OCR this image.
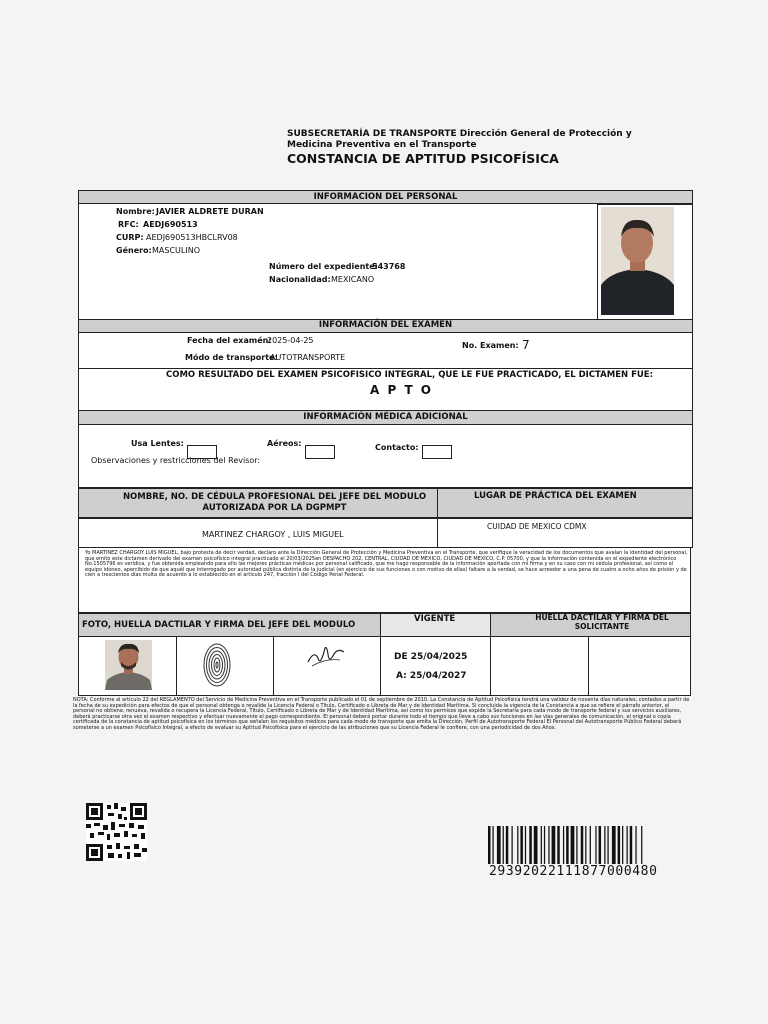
SUBSECRETARÍA DE TRANSPORTE Dirección General de Protección y Medicina Preventiva en el Transporte
CONSTANCIA DE APTITUD PSICOFÍSICA
INFORMACION DEL PERSONAL
Nombre: JAVIER ALDRETE DURAN
RFC: AEDJ690513
CURP: AEDJ690513HBCLRV08
Género: MASCULINO
Número del expediente:
543768
Nacionalidad: MEXICANO
INFORMACIÓN DEL EXAMEN
Fecha del examén:
2025-04-25
Módo de transporte:
AUTOTRANSPORTE
No. Examen: 7
COMO RESULTADO DEL EXAMEN PSICOFISICO INTEGRAL, QUE LE FUE PRACTICADO, EL DICTAMEN FUE:
A P T O
INFORMACIÓN MÉDICA ADICIONAL
Usa Lentes:	Aéreos:	Contacto:
Observaciones y restricciones del Revisor:
NOMBRE, NO. DE CÉDULA PROFESIONAL DEL JEFE DEL MODULO AUTORIZADA POR LA DGPMPT
LUGAR DE PRÁCTICA DEL EXAMEN
MARTINEZ CHARGOY , LUIS MIGUEL
CUIDAD DE MEXICO CDMX
Yo MARTINEZ CHARGOY LUIS MIGUEL, bajo protesta de decir verdad, declaro ante la Dirección General de Protección y Medicina Preventiva en el Transporte, que verifique la veracidad de los documentos que avalan la identidad del personal, que emito este dictamen derivado del examen psicofísico integral practicado el 20/03/2025en DESPACHO 202, CENTRAL, CIUDAD DE MEXICO, CIUDAD DE MEXICO, C.P. 05700, y que la información contenida en el expediente electrónico No.1505796 es verídica, y fue obtenida empleando para ello las mejores prácticas médicas por personal calificado, que me hago responsable de la información aportada con mi firma y en su caso con mi cédula profesional, así como el equipo idóneo, apercibido de que aquél que interrogado por autoridad pública distinta de la judicial (en ejercicio de sus funciones o con motivo de ellas) faltare a la verdad, se hace acreedor a una pena de cuatro a ocho años de prisión y de cien a trescientos días multa de acuerdo a lo establecido en el artículo 247, fracción I del Código Penal Federal.
FOTO, HUELLA DACTILAR Y FIRMA DEL JEFE DEL MODULO
VIGENTE	HUELLA DACTILAR Y FIRMA DEL SOLICITANTE
DE 25/04/2025
A: 25/04/2027
NOTA: Conforme al artículo 22 del REGLAMENTO del Servicio de Medicina Preventiva en el Transporte publicado el 01 de septiembre de 2010. La Constancia de Aptitud Psicofísica tendrá una validez de noventa días naturales, contados a partir de la fecha de su expedición para efectos de que el personal obtenga o revalide la Licencia Federal o Título, Certificado o Libreta de Mar y de Identidad Marítima. Si concluida la vigencia de la Constancia a que se refiere el párrafo anterior, el personal no obtiene, renueva, revalida o recupera la Licencia Federal, Título, Certificado o Libreta de Mar y de Identidad Marítima, así como los permisos que expide la Secretaría para cada modo de transporte federal y sus servicios auxiliares, deberá practicarse otra vez el examen respectivo y efectuar nuevamente el pago correspondiente. El personal deberá portar durante todo el tiempo que lleve a cabo sus funciones en las vías generales de comunicación, el original o copia certificada de la constancia de aptitud psicofísica en los términos que señalen los requisitos médicos para cada modo de transporte que emita la Dirección. Perfil de Autotransporte Federal El Personal del Autotransporte Público Federal deberá someterse a un examen Psicofísico Integral, a efecto de evaluar su Aptitud Psicofísica para el ejercicio de las atribuciones que su Licencia Federal le confiere, con una periodicidad de dos Años.
29392022111877000480
